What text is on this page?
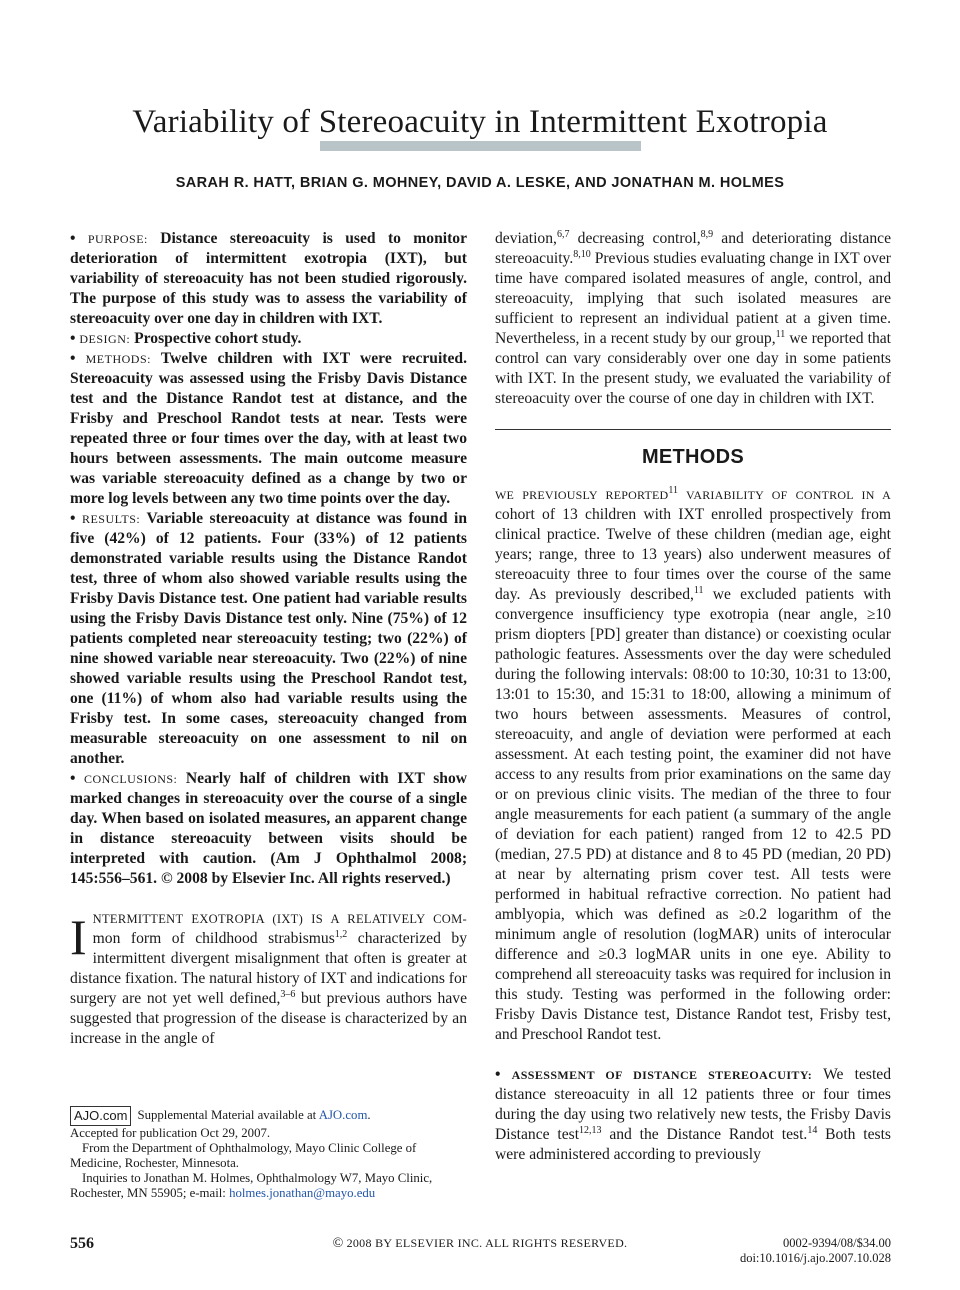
Variability of Stereoacuity in Intermittent Exotropia
SARAH R. HATT, BRIAN G. MOHNEY, DAVID A. LESKE, AND JONATHAN M. HOLMES

• PURPOSE: Distance stereoacuity is used to monitor deterioration of intermittent exotropia (IXT), but variability of stereoacuity has not been studied rigorously. The purpose of this study was to assess the variability of stereoacuity over one day in children with IXT.

• DESIGN: Prospective cohort study.

• METHODS: Twelve children with IXT were recruited. Stereoacuity was assessed using the Frisby Davis Distance test and the Distance Randot test at distance, and the Frisby and Preschool Randot tests at near. Tests were repeated three or four times over the day, with at least two hours between assessments. The main outcome measure was variable stereoacuity defined as a change by two or more log levels between any two time points over the day.

• RESULTS: Variable stereoacuity at distance was found in five (42%) of 12 patients. Four (33%) of 12 patients demonstrated variable results using the Distance Randot test, three of whom also showed variable results using the Frisby Davis Distance test. One patient had variable results using the Frisby Davis Distance test only. Nine (75%) of 12 patients completed near stereoacuity testing; two (22%) of nine showed variable near stereoacuity. Two (22%) of nine showed variable results using the Preschool Randot test, one (11%) of whom also had variable results using the Frisby test. In some cases, stereoacuity changed from measurable stereoacuity on one assessment to nil on another.

• CONCLUSIONS: Nearly half of children with IXT show marked changes in stereoacuity over the course of a single day. When based on isolated measures, an apparent change in distance stereoacuity between visits should be interpreted with caution. (Am J Ophthalmol 2008; 145:556–561. © 2008 by Elsevier Inc. All rights reserved.)

INTERMITTENT EXOTROPIA (IXT) IS A RELATIVELY COM- mon form of childhood strabismus$^{1,2}$ characterized by intermittent divergent misalignment that often is greater at distance fixation. The natural history of IXT and indications for surgery are not yet well defined,$^{3-6}$ but previous authors have suggested that progression of the disease is characterized by an increase in the angle of

AJO.com Supplemental Material available at AJO.com.

Accepted for publication Oct 29, 2007.

From the Department of Ophthalmology, Mayo Clinic College of Medicine, Rochester, Minnesota.

Inquiries to Jonathan M. Holmes, Ophthalmology W7, Mayo Clinic, Rochester, MN 55905; e-mail: holmes.jonathan@mayo.edu

deviation,$^{6,7}$ decreasing control,$^{8,9}$ and deteriorating distance stereoacuity.$^{8,10}$ Previous studies evaluating change in IXT over time have compared isolated measures of angle, control, and stereoacuity, implying that such isolated measures are sufficient to represent an individual patient at a given time. Nevertheless, in a recent study by our group,$^{11}$ we reported that control can vary considerably over one day in some patients with IXT. In the present study, we evaluated the variability of stereoacuity over the course of one day in children with IXT.

METHODS

WE PREVIOUSLY REPORTED$^{11}$ VARIABILITY OF CONTROL IN A cohort of 13 children with IXT enrolled prospectively from clinical practice. Twelve of these children (median age, eight years; range, three to 13 years) also underwent measures of stereoacuity three to four times over the course of the same day. As previously described,$^{11}$ we excluded patients with convergence insufficiency type exotropia (near angle, ≥10 prism diopters [PD] greater than distance) or coexisting ocular pathologic features. Assessments over the day were scheduled during the following intervals: 08:00 to 10:30, 10:31 to 13:00, 13:01 to 15:30, and 15:31 to 18:00, allowing a minimum of two hours between assessments. Measures of control, stereoacuity, and angle of deviation were performed at each assessment. At each testing point, the examiner did not have access to any results from prior examinations on the same day or on previous clinic visits. The median of the three to four angle measurements for each patient (a summary of the angle of deviation for each patient) ranged from 12 to 42.5 PD (median, 27.5 PD) at distance and 8 to 45 PD (median, 20 PD) at near by alternating prism cover test. All tests were performed in habitual refractive correction. No patient had amblyopia, which was defined as ≥0.2 logarithm of the minimum angle of resolution (logMAR) units of interocular difference and ≥0.3 logMAR units in one eye. Ability to comprehend all stereoacuity tasks was required for inclusion in this study. Testing was performed in the following order: Frisby Davis Distance test, Distance Randot test, Frisby test, and Preschool Randot test.

• ASSESSMENT OF DISTANCE STEREOACUITY: We tested distance stereoacuity in all 12 patients three or four times during the day using two relatively new tests, the Frisby Davis Distance test$^{12,13}$ and the Distance Randot test.$^{14}$ Both tests were administered according to previously

556	© 2008 BY ELSEVIER INC. ALL RIGHTS RESERVED.	0002-9394/08/$34.00
doi:10.1016/j.ajo.2007.10.028
